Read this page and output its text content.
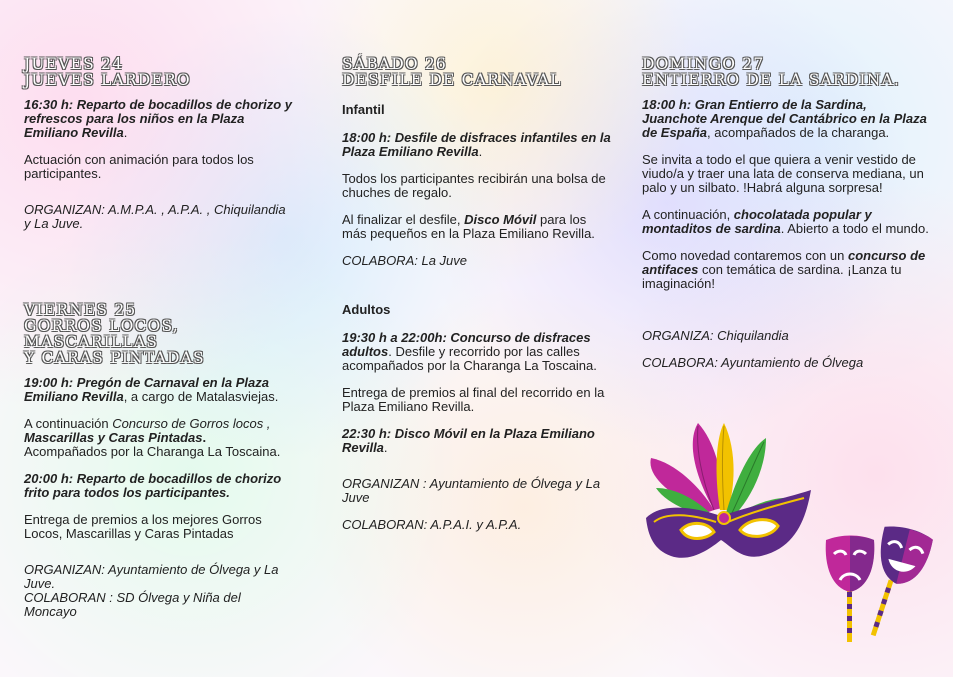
JUEVES 24
JUEVES LARDERO

16:30 h: Reparto de bocadillos de chorizo y refrescos para los niños en la Plaza Emiliano Revilla.

Actuación con animación para todos los participantes.

ORGANIZAN: A.M.P.A. , A.P.A. , Chiquilandia y La Juve.

VIERNES 25
GORROS LOCOS, MASCARILLAS
Y CARAS PINTADAS

19:00 h: Pregón de Carnaval en la Plaza Emiliano Revilla, a cargo de Matalasviejas.

A continuación Concurso de Gorros locos ,
Mascarillas y Caras Pintadas.
Acompañados por la Charanga La Toscaina.

20:00 h: Reparto de bocadillos de chorizo frito para todos los participantes.

Entrega de premios a los mejores Gorros Locos, Mascarillas y Caras Pintadas

ORGANIZAN: Ayuntamiento de Ólvega y La Juve.

COLABORAN : SD Ólvega y Niña del Moncayo

SÁBADO 26
DESFILE DE CARNAVAL
Infantil

18:00 h: Desfile de disfraces infantiles en la Plaza Emiliano Revilla.

Todos los participantes recibirán una bolsa de chuches de regalo.

Al finalizar el desfile, Disco Móvil para los más pequeños en la Plaza Emiliano Revilla.

COLABORA: La Juve

Adultos

19:30 h a 22:00h: Concurso de disfraces adultos. Desfile y recorrido por las calles acompañados por la Charanga La Toscaina.

Entrega de premios al final del recorrido en la Plaza Emiliano Revilla.

22:30 h: Disco Móvil en la Plaza Emiliano Revilla.

ORGANIZAN : Ayuntamiento de Ólvega y La Juve

COLABORAN: A.P.A.I. y A.P.A.

DOMINGO 27
ENTIERRO DE LA SARDINA.

18:00 h: Gran Entierro de la Sardina, Juanchote Arenque del Cantábrico en la Plaza de España, acompañados de la charanga.

Se invita a todo el que quiera a venir vestido de viudo/a y traer una lata de conserva mediana, un palo y un silbato. !Habrá alguna sorpresa!

A continuación, chocolatada popular y montaditos de sardina. Abierto a todo el mundo.

Como novedad contaremos con un concurso de antifaces con temática de sardina. ¡Lanza tu imaginación!

ORGANIZA: Chiquilandia

COLABORA: Ayuntamiento de Ólvega
